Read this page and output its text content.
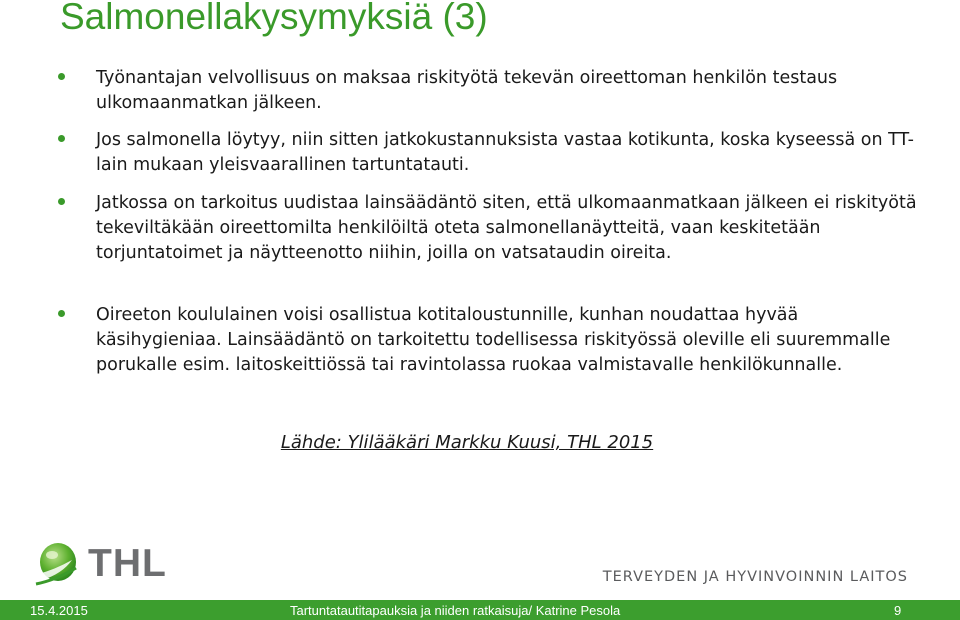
Salmonellakysymyksiä (3)
Työnantajan velvollisuus on maksaa riskityötä tekevän oireettoman henkilön testaus ulkomaanmatkan jälkeen.
Jos salmonella löytyy, niin sitten jatkokustannuksista vastaa kotikunta, koska kyseessä on TT-lain mukaan yleisvaarallinen tartuntatauti.
Jatkossa on tarkoitus uudistaa lainsäädäntö siten, että ulkomaanmatkaan jälkeen ei riskityötä tekeviltäkään oireettomilta henkilöiltä oteta salmonellanäytteitä, vaan keskitetään torjuntatoimet ja näytteenotto niihin, joilla on vatsataudin oireita.
Oireeton koululainen voisi osallistua kotitaloustunnille, kunhan noudattaa hyvää käsihygieniaa. Lainsäädäntö on tarkoitettu todellisessa riskityössä oleville eli suuremmalle porukalle esim. laitoskeittiössä tai ravintolassa ruokaa valmistavalle henkilökunnalle.
Lähde: Ylilääkäri Markku Kuusi, THL 2015
THL	TERVEYDEN JA HYVINVOINNIN LAITOS
15.4.2015	Tartuntatautitapauksia ja niiden ratkaisuja/ Katrine Pesola	9
